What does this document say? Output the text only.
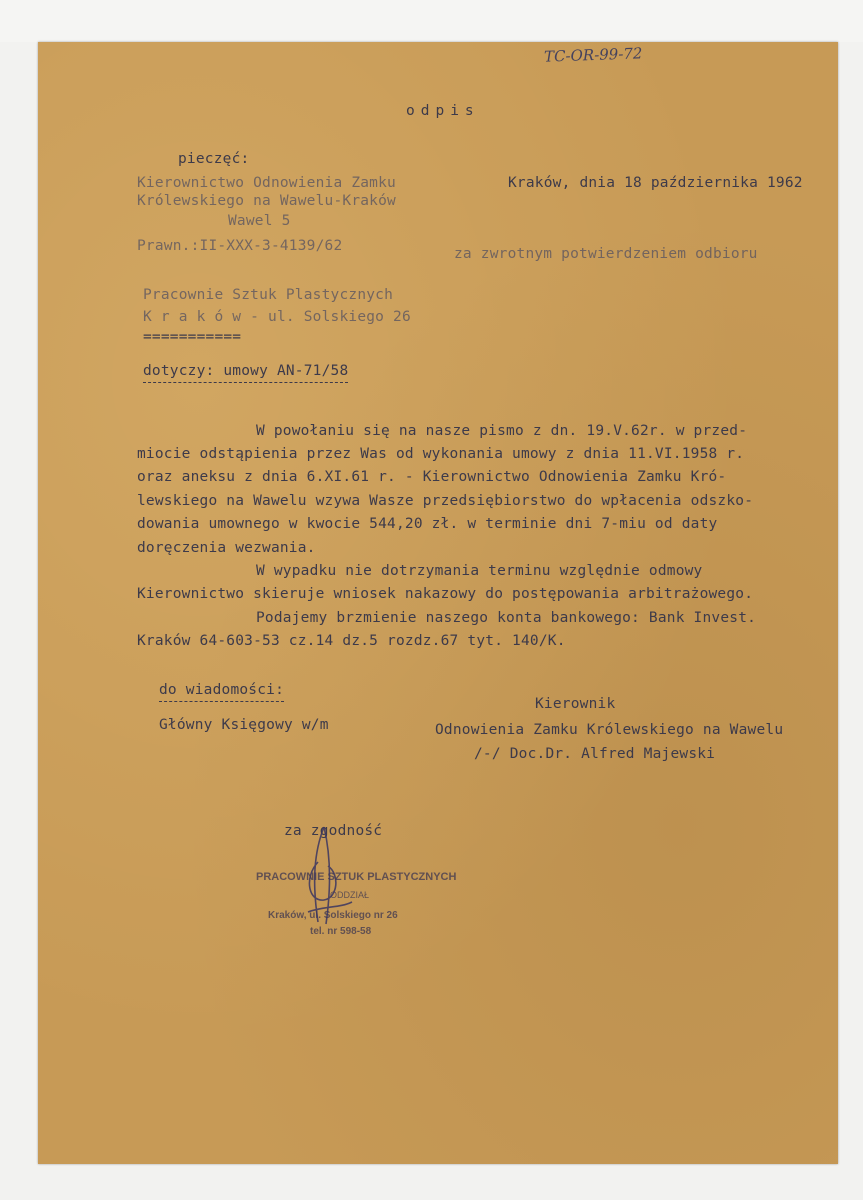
TC-OR-99-72
odpis
pieczęć:
Kierownictwo Odnowienia Zamku
Królewskiego na Wawelu-Kraków
Wawel 5
Kraków, dnia 18 października 1962
Prawn.:II-XXX-3-4139/62	za zwrotnym potwierdzeniem odbioru
Pracownie Sztuk Plastycznych
K r a k ó w - ul. Solskiego 26
===========
dotyczy: umowy AN-71/58
W powołaniu się na nasze pismo z dn. 19.V.62r. w przed-
miocie odstąpienia przez Was od wykonania umowy z dnia 11.VI.1958 r.
oraz aneksu z dnia 6.XI.61 r. - Kierownictwo Odnowienia Zamku Kró-
lewskiego na Wawelu wzywa Wasze przedsiębiorstwo do wpłacenia odszko-
dowania umownego w kwocie 544,20 zł. w terminie dni 7-miu od daty
doręczenia wezwania.
W wypadku nie dotrzymania terminu względnie odmowy
Kierownictwo skieruje wniosek nakazowy do postępowania arbitrażowego.
Podajemy brzmienie naszego konta bankowego: Bank Invest.
Kraków 64-603-53 cz.14 dz.5 rozdz.67 tyt. 140/K.
do wiadomości:
Główny Księgowy w/m
Kierownik
Odnowienia Zamku Królewskiego na Wawelu
/-/ Doc.Dr. Alfred Majewski
za zgodność
PRACOWNIE SZTUK PLASTYCZNYCH
ODDZIAŁ
Kraków, ul. Solskiego nr 26
tel. nr 598-58
